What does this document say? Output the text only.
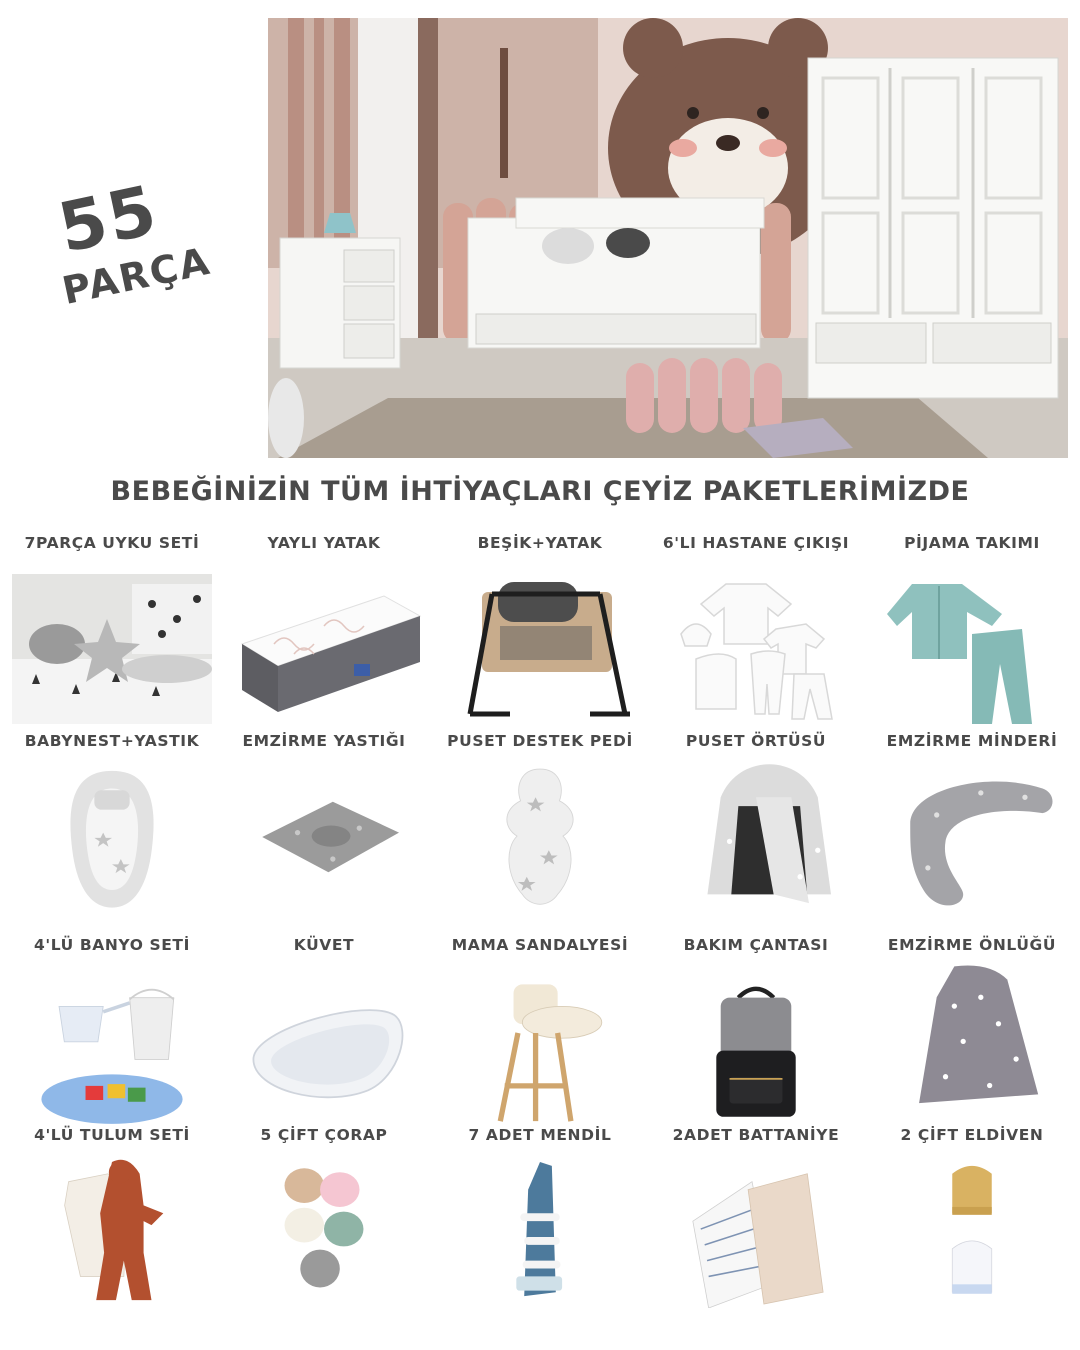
55
PARÇA
BEBEĞİNİZİN TÜM İHTİYAÇLARI ÇEYİZ PAKETLERİMİZDE
7PARÇA UYKU SETİ	YAYLI YATAK	BEŞİK+YATAK	6'LI HASTANE ÇIKIŞI	PİJAMA TAKIMI
BABYNEST+YASTIK	EMZİRME YASTIĞI	PUSET DESTEK PEDİ	PUSET ÖRTÜSÜ	EMZİRME MİNDERİ
4'LÜ BANYO SETİ	KÜVET	MAMA SANDALYESİ	BAKIM ÇANTASI	EMZİRME ÖNLÜĞÜ
4'LÜ TULUM SETİ	5 ÇİFT ÇORAP	7 ADET MENDİL	2ADET BATTANİYE	2 ÇİFT ELDİVEN
